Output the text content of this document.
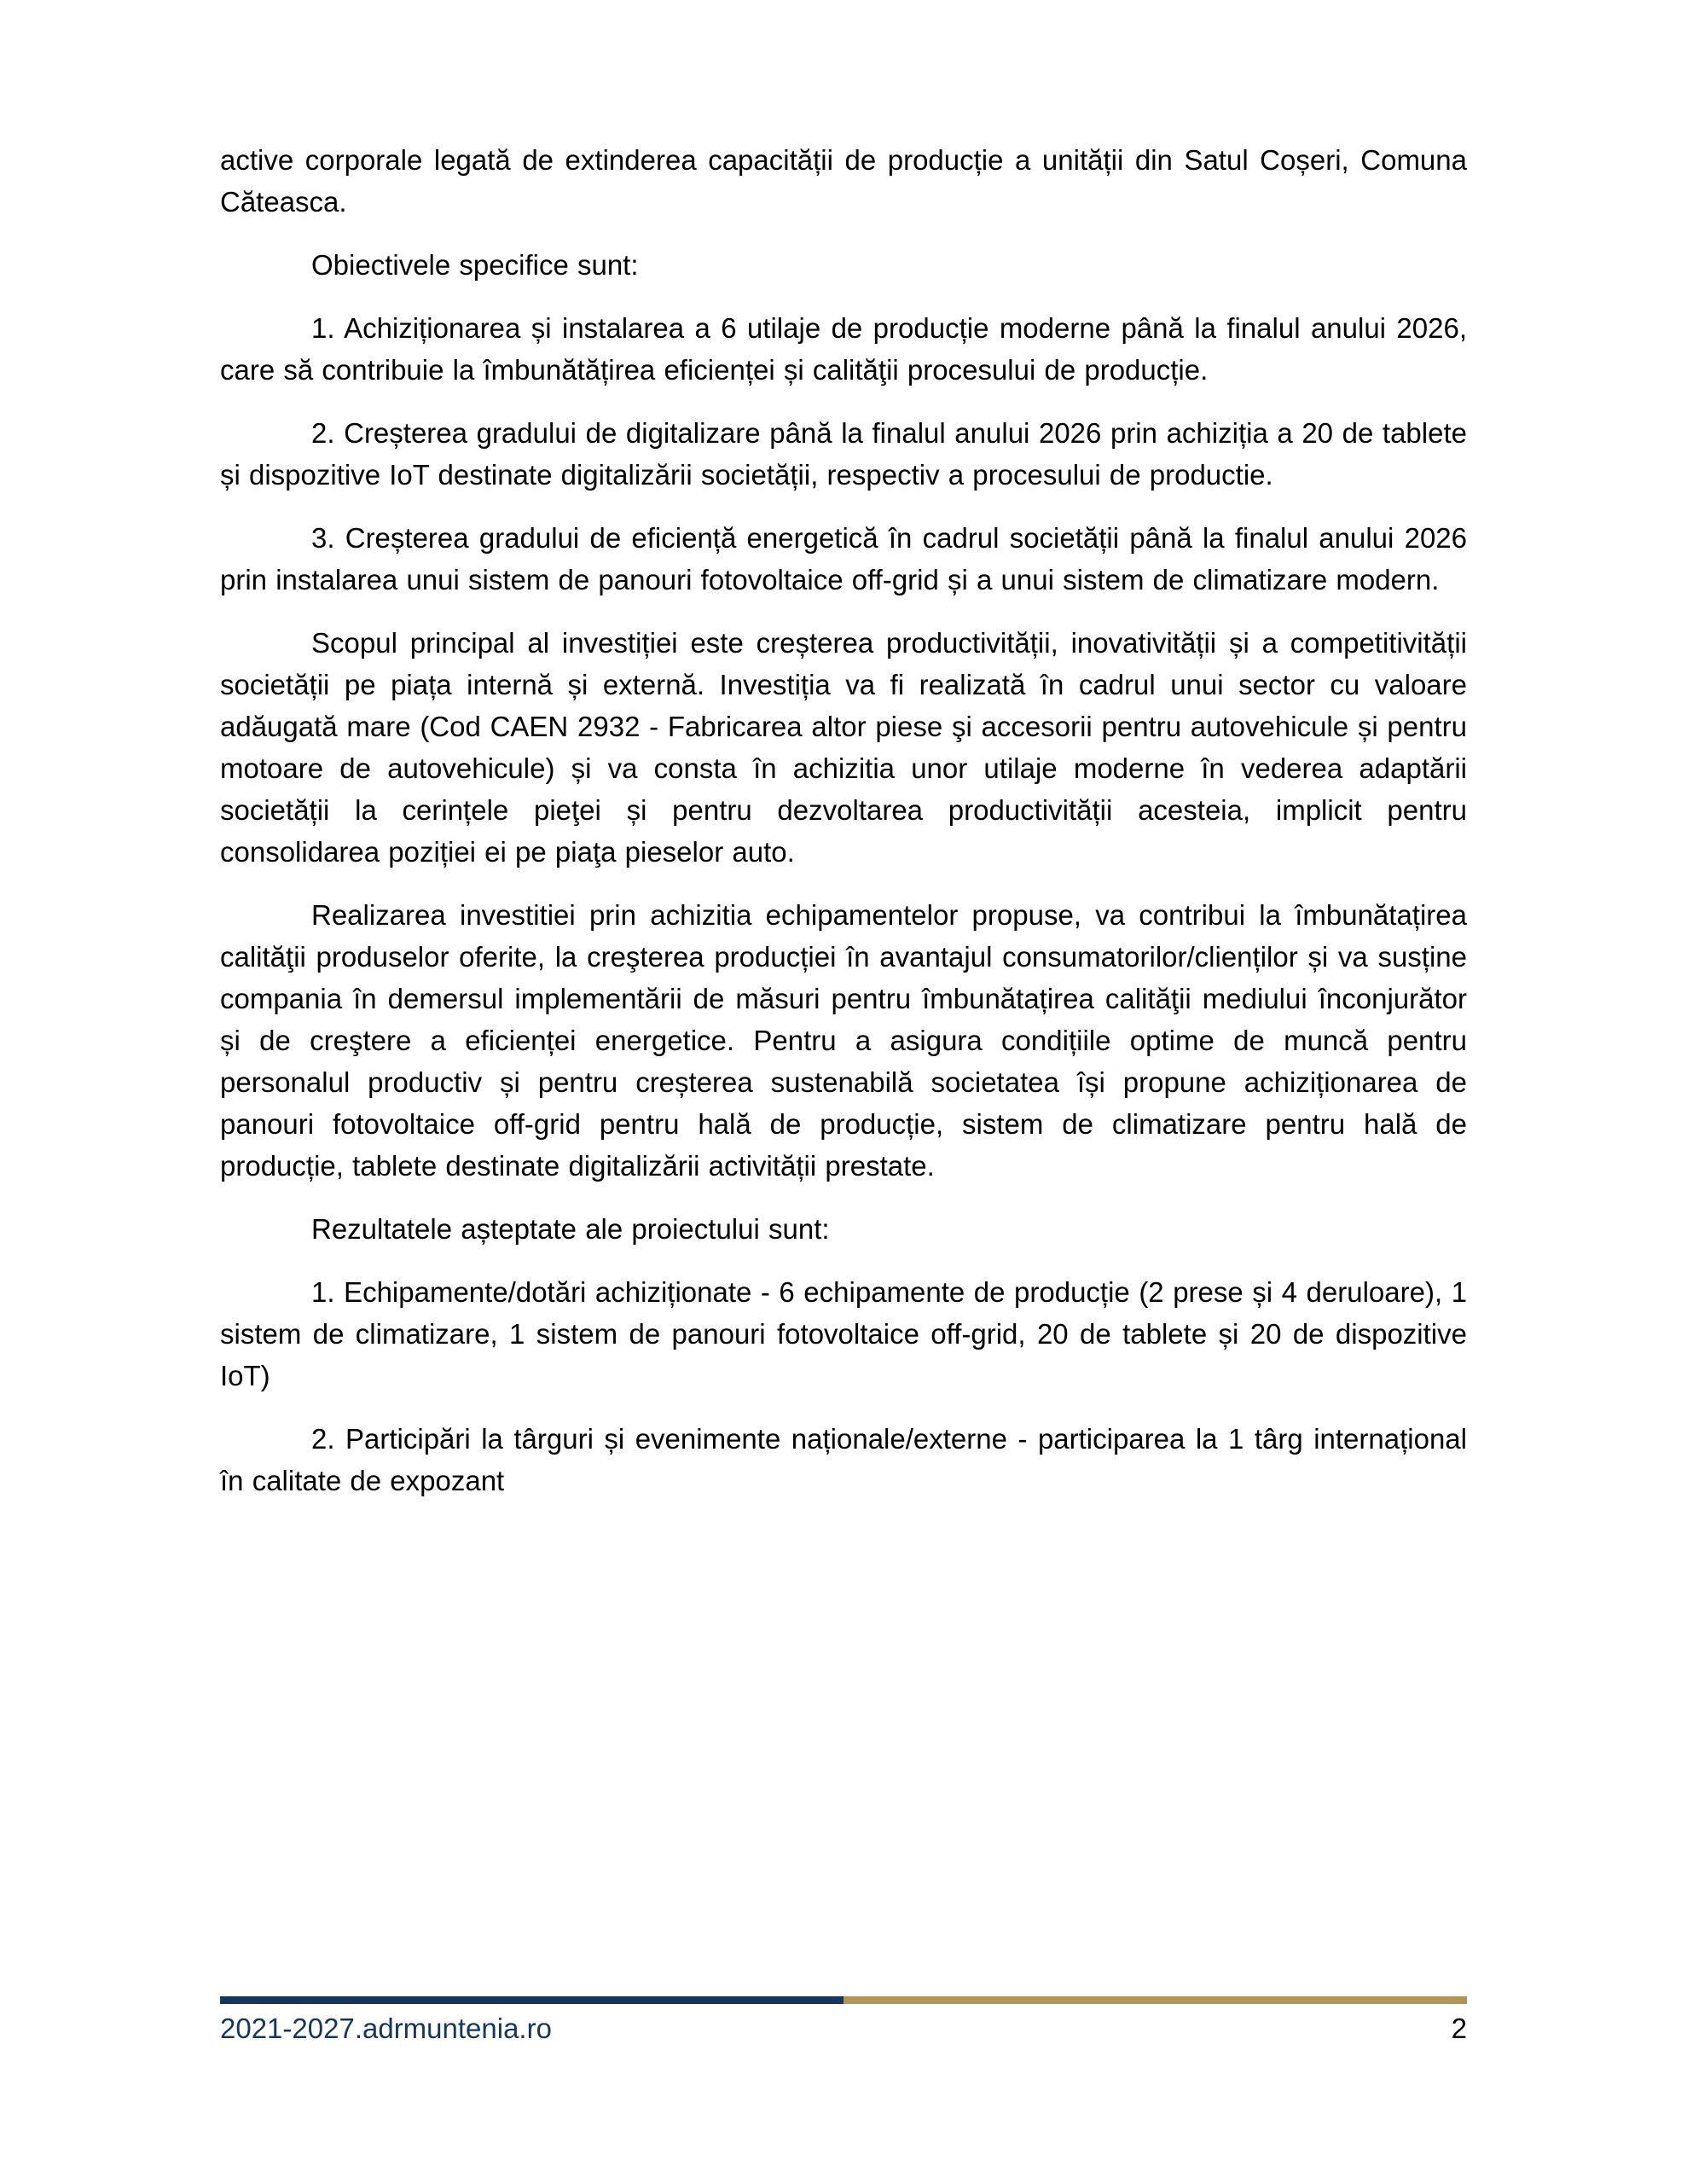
active corporale legată de extinderea capacității de producție a unității din Satul Coșeri, Comuna Căteasca.

Obiectivele specifice sunt:

1. Achiziționarea și instalarea a 6 utilaje de producție moderne până la finalul anului 2026, care să contribuie la îmbunătățirea eficienței și calităţii procesului de producție.

2. Creșterea gradului de digitalizare până la finalul anului 2026 prin achiziția a 20 de tablete și dispozitive IoT destinate digitalizării societății, respectiv a procesului de productie.

3. Creșterea gradului de eficiență energetică în cadrul societății până la finalul anului 2026 prin instalarea unui sistem de panouri fotovoltaice off-grid și a unui sistem de climatizare modern.

Scopul principal al investiției este creșterea productivității, inovativității și a competitivității societății pe piața internă și externă. Investiția va fi realizată în cadrul unui sector cu valoare adăugată mare (Cod CAEN 2932 - Fabricarea altor piese şi accesorii pentru autovehicule și pentru motoare de autovehicule) și va consta în achizitia unor utilaje moderne în vederea adaptării societății la cerințele pieţei și pentru dezvoltarea productivității acesteia, implicit pentru consolidarea poziției ei pe piaţa pieselor auto.

Realizarea investitiei prin achizitia echipamentelor propuse, va contribui la îmbunătațirea calităţii produselor oferite, la creşterea producției în avantajul consumatorilor/clienților și va susține compania în demersul implementării de măsuri pentru îmbunătațirea calităţii mediului înconjurător și de creştere a eficienței energetice. Pentru a asigura condițiile optime de muncă pentru personalul productiv și pentru creșterea sustenabilă societatea își propune achiziționarea de panouri fotovoltaice off-grid pentru hală de producție, sistem de climatizare pentru hală de producție, tablete destinate digitalizării activității prestate.

Rezultatele așteptate ale proiectului sunt:

1. Echipamente/dotări achiziționate - 6 echipamente de producție (2 prese și 4 deruloare), 1 sistem de climatizare, 1 sistem de panouri fotovoltaice off-grid, 20 de tablete și 20 de dispozitive IoT)

2. Participări la târguri și evenimente naționale/externe - participarea la 1 târg internațional în calitate de expozant

2021-2027.adrmuntenia.ro	2
